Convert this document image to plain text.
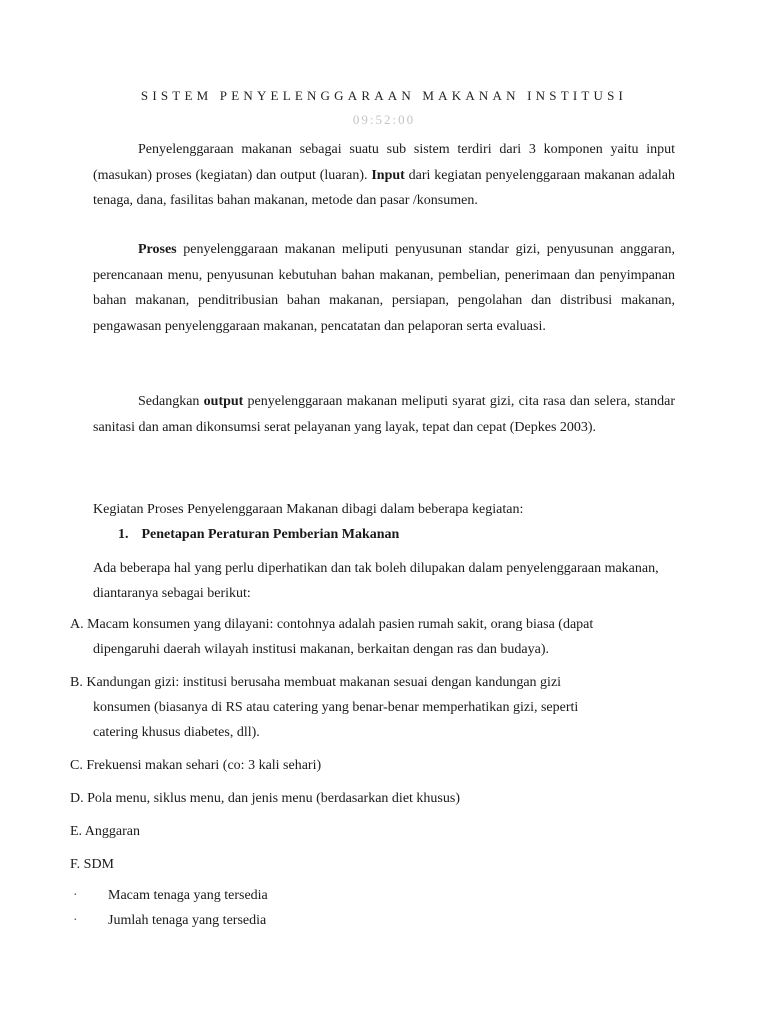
SISTEM PENYELENGGARAAN MAKANAN INSTITUSI
09:52:00

Penyelenggaraan makanan sebagai suatu sub sistem terdiri dari 3 komponen yaitu input (masukan) proses (kegiatan) dan output (luaran). Input dari kegiatan penyelenggaraan makanan adalah tenaga, dana, fasilitas bahan makanan, metode dan pasar /konsumen.

Proses penyelenggaraan makanan meliputi penyusunan standar gizi, penyusunan anggaran, perencanaan menu, penyusunan kebutuhan bahan makanan, pembelian, penerimaan dan penyimpanan bahan makanan, penditribusian bahan makanan, persiapan, pengolahan dan distribusi makanan, pengawasan penyelenggaraan makanan, pencatatan dan pelaporan serta evaluasi.

Sedangkan output penyelenggaraan makanan meliputi syarat gizi, cita rasa dan selera, standar sanitasi dan aman dikonsumsi serat pelayanan yang layak, tepat dan cepat (Depkes 2003).

Kegiatan Proses Penyelenggaraan Makanan dibagi dalam beberapa kegiatan:

1. Penetapan Peraturan Pemberian Makanan

Ada beberapa hal yang perlu diperhatikan dan tak boleh dilupakan dalam penyelenggaraan makanan, diantaranya sebagai berikut:

A. Macam konsumen yang dilayani: contohnya adalah pasien rumah sakit, orang biasa (dapat
dipengaruhi daerah wilayah institusi makanan, berkaitan dengan ras dan budaya).

B. Kandungan gizi: institusi berusaha membuat makanan sesuai dengan kandungan gizi
konsumen (biasanya di RS atau catering yang benar-benar memperhatikan gizi, seperti
catering khusus diabetes, dll).

C. Frekuensi makan sehari (co: 3 kali sehari)

D. Pola menu, siklus menu, dan jenis menu (berdasarkan diet khusus)

E. Anggaran

F. SDM

· Macam tenaga yang tersedia
· Jumlah tenaga yang tersedia
